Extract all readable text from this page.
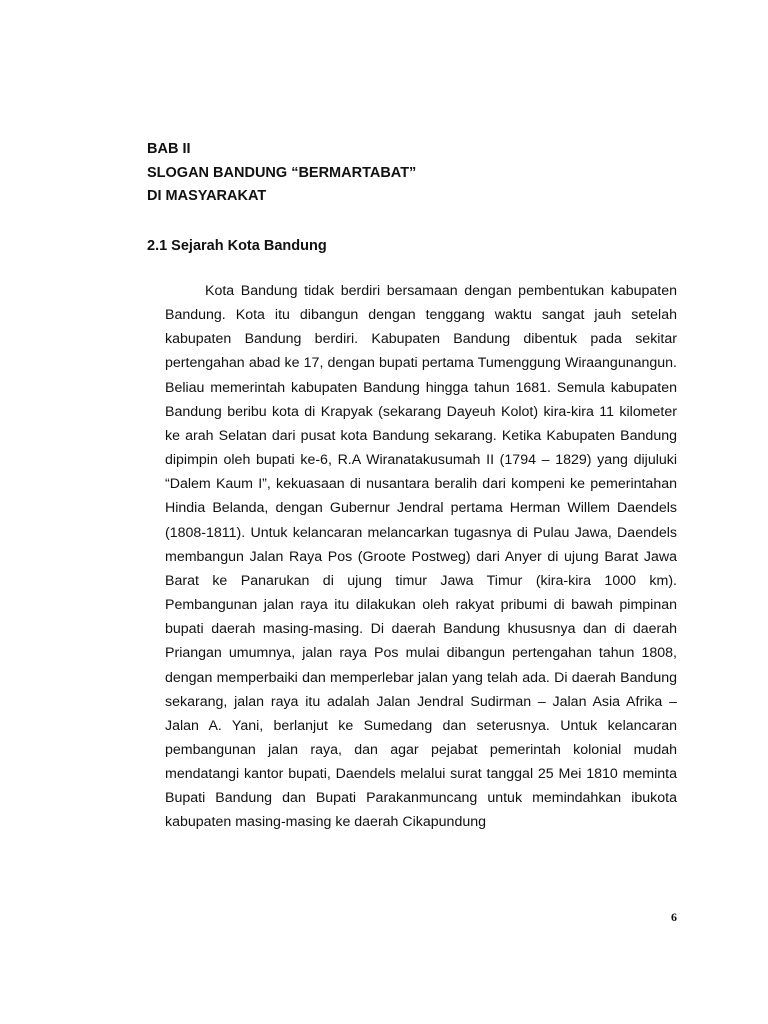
BAB II
SLOGAN BANDUNG “BERMARTABAT”
DI MASYARAKAT
2.1 Sejarah Kota Bandung

Kota Bandung tidak berdiri bersamaan dengan pembentukan kabupaten Bandung. Kota itu dibangun dengan tenggang waktu sangat jauh setelah kabupaten Bandung berdiri. Kabupaten Bandung dibentuk pada sekitar pertengahan abad ke 17, dengan bupati pertama Tumenggung Wiraangunangun. Beliau memerintah kabupaten Bandung hingga tahun 1681. Semula kabupaten Bandung beribu kota di Krapyak (sekarang Dayeuh Kolot) kira-kira 11 kilometer ke arah Selatan dari pusat kota Bandung sekarang. Ketika Kabupaten Bandung dipimpin oleh bupati ke-6, R.A Wiranatakusumah II (1794 – 1829) yang dijuluki “Dalem Kaum I”, kekuasaan di nusantara beralih dari kompeni ke pemerintahan Hindia Belanda, dengan Gubernur Jendral pertama Herman Willem Daendels (1808-1811). Untuk kelancaran melancarkan tugasnya di Pulau Jawa, Daendels membangun Jalan Raya Pos (Groote Postweg) dari Anyer di ujung Barat Jawa Barat ke Panarukan di ujung timur Jawa Timur (kira-kira 1000 km). Pembangunan jalan raya itu dilakukan oleh rakyat pribumi di bawah pimpinan bupati daerah masing-masing. Di daerah Bandung khususnya dan di daerah Priangan umumnya, jalan raya Pos mulai dibangun pertengahan tahun 1808, dengan memperbaiki dan memperlebar jalan yang telah ada. Di daerah Bandung sekarang, jalan raya itu adalah Jalan Jendral Sudirman – Jalan Asia Afrika – Jalan A. Yani, berlanjut ke Sumedang dan seterusnya. Untuk kelancaran pembangunan jalan raya, dan agar pejabat pemerintah kolonial mudah mendatangi kantor bupati, Daendels melalui surat tanggal 25 Mei 1810 meminta Bupati Bandung dan Bupati Parakanmuncang untuk memindahkan ibukota kabupaten masing-masing ke daerah Cikapundung

6
